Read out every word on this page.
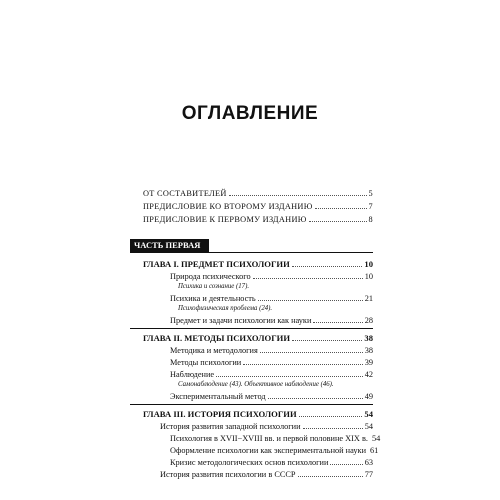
ОГЛАВЛЕНИЕ
ОТ СОСТАВИТЕЛЕЙ	5
ПРЕДИСЛОВИЕ КО ВТОРОМУ ИЗДАНИЮ	7
ПРЕДИСЛОВИЕ К ПЕРВОМУ ИЗДАНИЮ	8
ЧАСТЬ ПЕРВАЯ
ГЛАВА I. ПРЕДМЕТ ПСИХОЛОГИИ	10
Природа психического	10
Психика и сознание (17).
Психика и деятельность	21
Психофизическая проблема (24).
Предмет и задачи психологии как науки	28
ГЛАВА II. МЕТОДЫ ПСИХОЛОГИИ	38
Методика и методология	38
Методы психологии	39
Наблюдение	42
Самонаблюдение (43). Объективное наблюдение (46).
Экспериментальный метод	49
ГЛАВА III. ИСТОРИЯ ПСИХОЛОГИИ	54
История развития западной психологии	54
Психология в XVII−XVIII вв. и первой половине XIX в. 54
Оформление психологии как экспериментальной науки 61
Кризис методологических основ психологии	63
История развития психологии в СССР	77
